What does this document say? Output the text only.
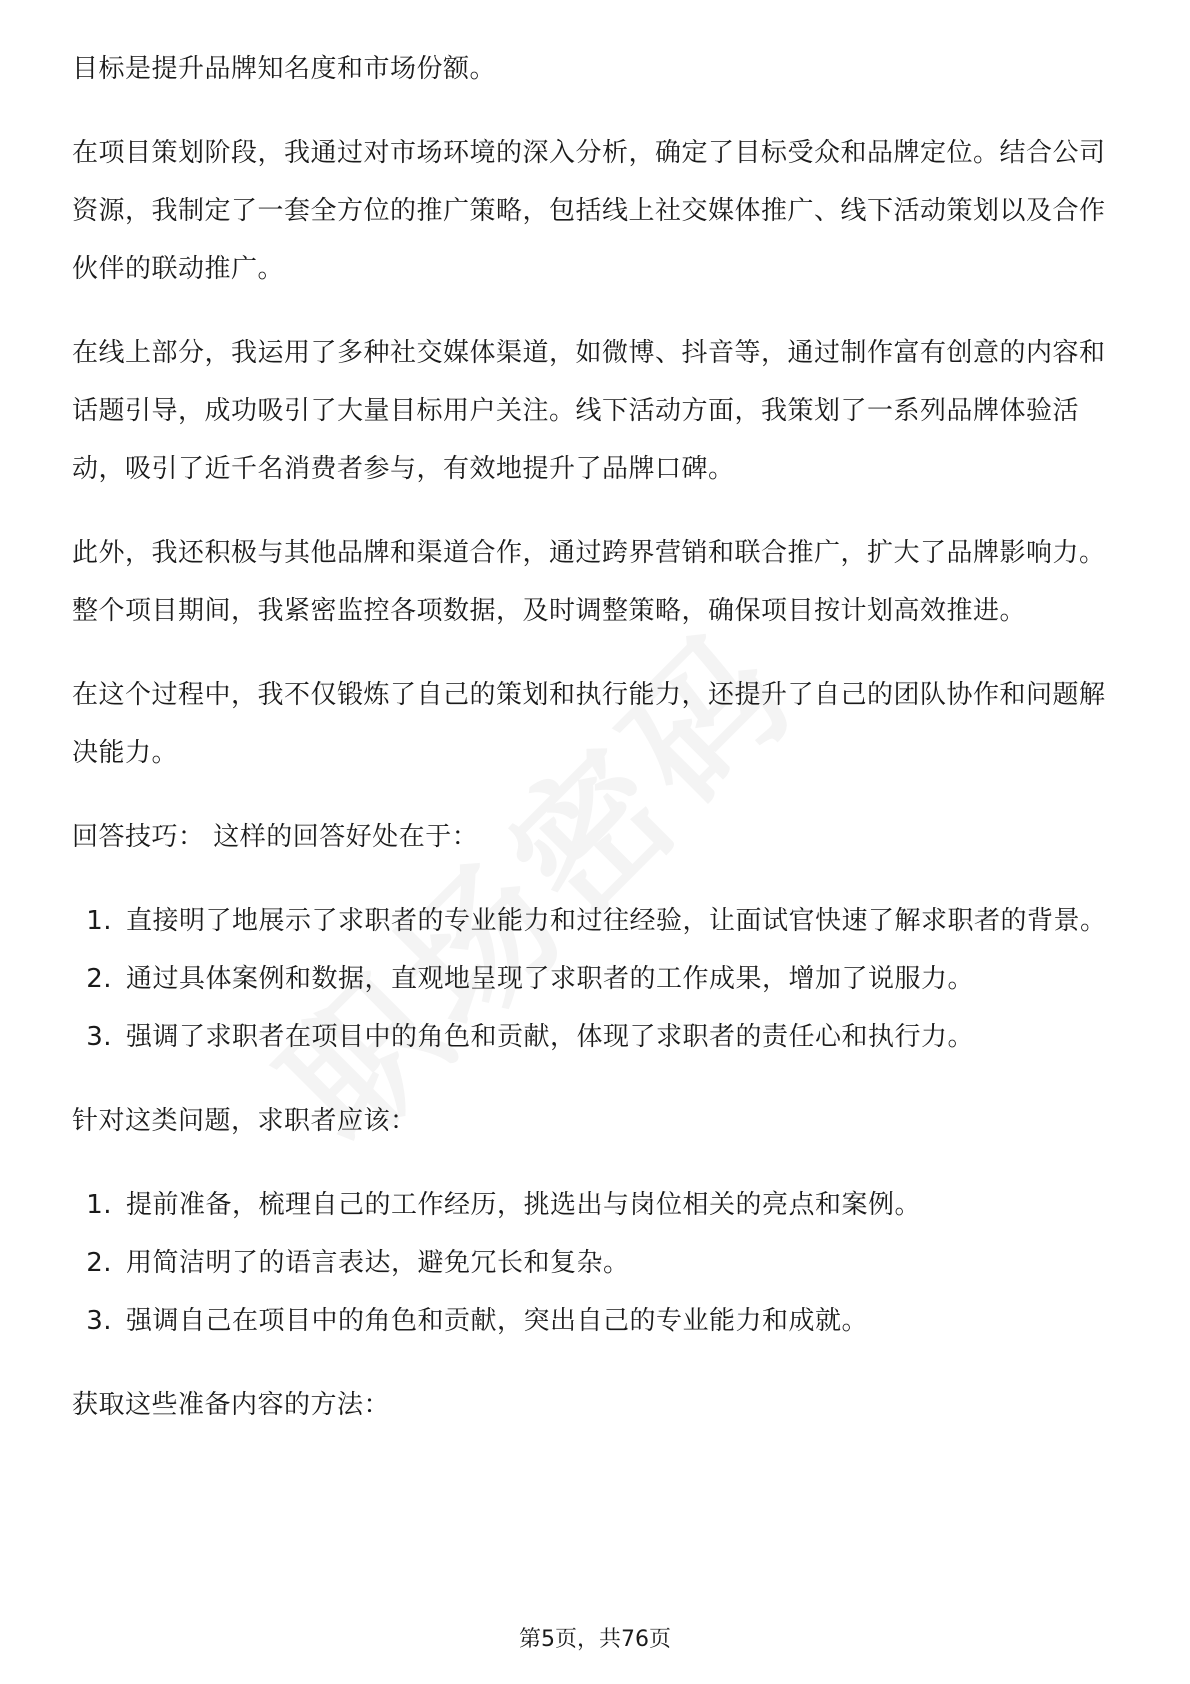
目标是提升品牌知名度和市场份额。

在项目策划阶段，我通过对市场环境的深入分析，确定了目标受众和品牌定位。结合公司资源，我制定了一套全方位的推广策略，包括线上社交媒体推广、线下活动策划以及合作伙伴的联动推广。

在线上部分，我运用了多种社交媒体渠道，如微博、抖音等，通过制作富有创意的内容和话题引导，成功吸引了大量目标用户关注。线下活动方面，我策划了一系列品牌体验活动，吸引了近千名消费者参与，有效地提升了品牌口碑。

此外，我还积极与其他品牌和渠道合作，通过跨界营销和联合推广，扩大了品牌影响力。整个项目期间，我紧密监控各项数据，及时调整策略，确保项目按计划高效推进。

在这个过程中，我不仅锻炼了自己的策划和执行能力，还提升了自己的团队协作和问题解决能力。

回答技巧： 这样的回答好处在于：

1. 直接明了地展示了求职者的专业能力和过往经验，让面试官快速了解求职者的背景。
2. 通过具体案例和数据，直观地呈现了求职者的工作成果，增加了说服力。
3. 强调了求职者在项目中的角色和贡献，体现了求职者的责任心和执行力。

针对这类问题，求职者应该：

1. 提前准备，梳理自己的工作经历，挑选出与岗位相关的亮点和案例。
2. 用简洁明了的语言表达，避免冗长和复杂。
3. 强调自己在项目中的角色和贡献，突出自己的专业能力和成就。

获取这些准备内容的方法：

第5页，共76页
